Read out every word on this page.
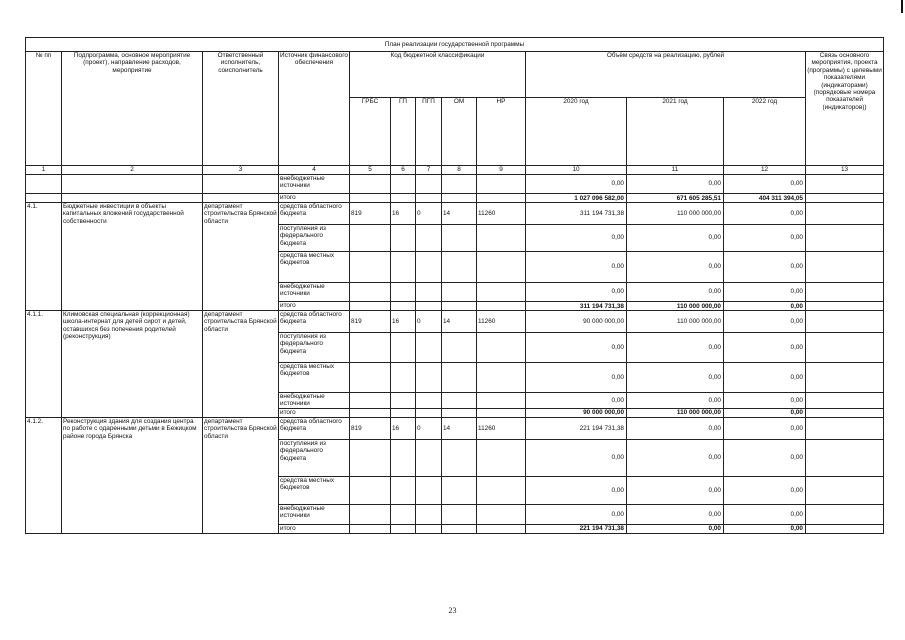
План реализации государственной программы												
№ пп	Подпрограмма, основное мероприятие (проект), направление расходов, мероприятие	Ответственный исполнитель, соисполнитель	Источник финансового обеспечения	Код бюджетной классификации					Объём средств на реализацию, рублей			Связь основного мероприятия, проекта (программы) с целевыми показателями (индикаторами) (порядковые номера показателей (индикаторов))
				ГРБС	ГП	ПГП	ОМ	НР	2020 год	2021 год	2022 год	
1	2	3	4	5	6	7	8	9	10	11	12	13
			внебюджетные источники						0,00	0,00	0,00	
			итого						1 027 096 582,00	671 605 285,51	404 311 394,05	
4.1.	Бюджетные инвестиции в объекты капитальных вложений государственной собственности	департамент строительства Брянской области	средства областного бюджета	819	16	0	14	11260	311 194 731,38	110 000 000,00	0,00	
			поступления из федерального бюджета						0,00	0,00	0,00	
			средства местных бюджетов						0,00	0,00	0,00	
			внебюджетные источники						0,00	0,00	0,00	
			итого						311 194 731,38	110 000 000,00	0,00	
4.1.1.	Климовская специальная (коррекционная) школа-интернат для детей сирот и детей, оставшихся без попечения родителей (реконструкция)	департамент строительства Брянской области	средства областного бюджета	819	16	0	14	11260	90 000 000,00	110 000 000,00	0,00	
			поступления из федерального бюджета						0,00	0,00	0,00	
			средства местных бюджетов						0,00	0,00	0,00	
			внебюджетные источники						0,00	0,00	0,00	
			итого						90 000 000,00	110 000 000,00	0,00	
4.1.2.	Реконструкция здания для создания центра по работе с одаренными детьми в Бежицком районе города Брянска	департамент строительства Брянской области	средства областного бюджета	819	16	0	14	11260	221 194 731,38	0,00	0,00	
			поступления из федерального бюджета						0,00	0,00	0,00	
			средства местных бюджетов						0,00	0,00	0,00	
			внебюджетные источники						0,00	0,00	0,00	
			итого						221 194 731,38	0,00	0,00	
23
